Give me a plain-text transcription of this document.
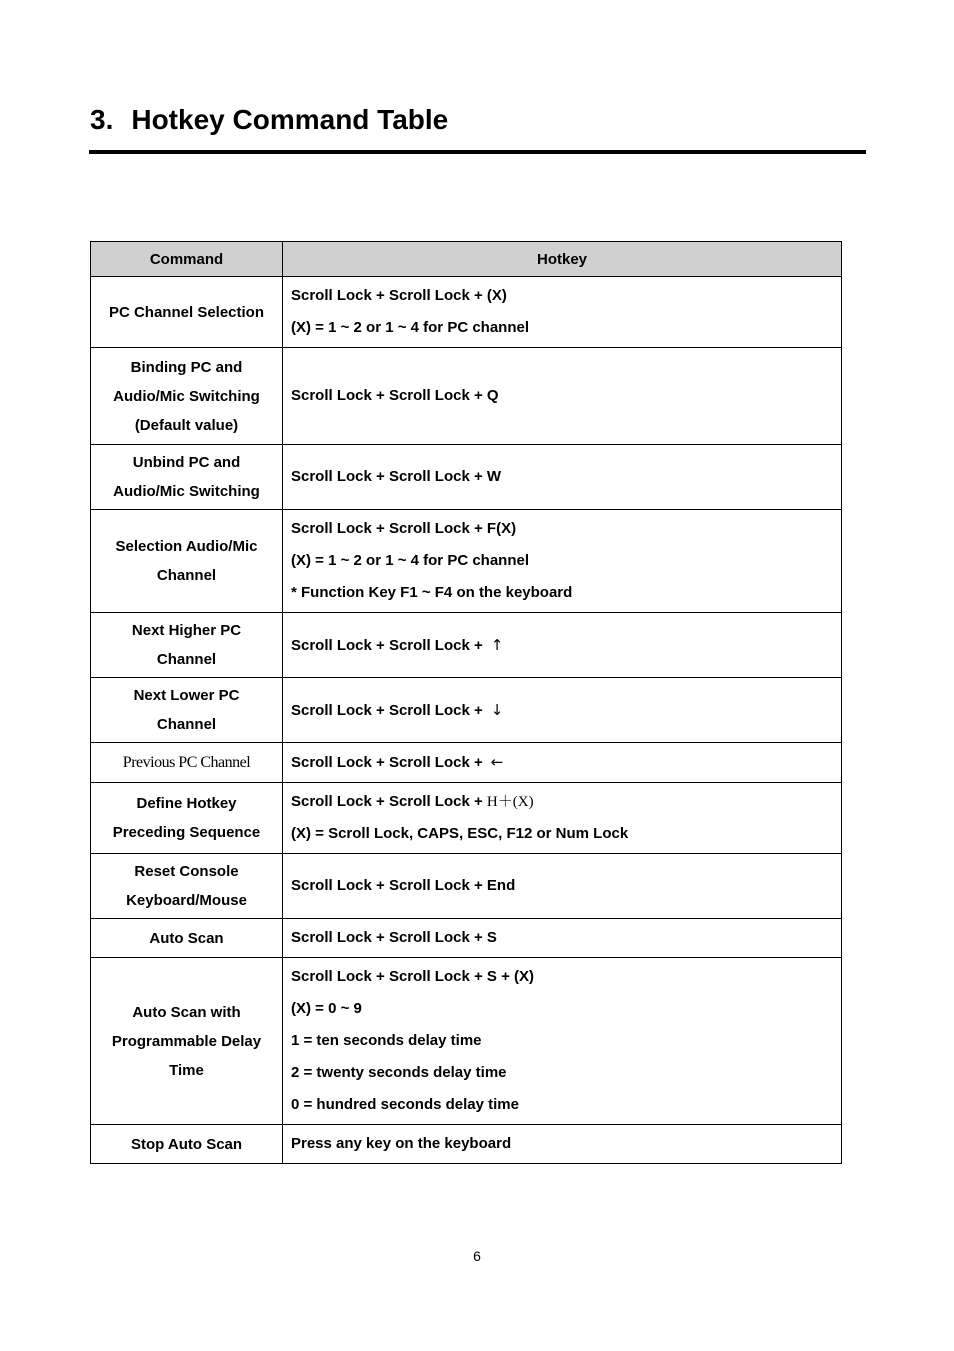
3. Hotkey Command Table
Command	Hotkey

PC Channel Selection	Scroll Lock + Scroll Lock + (X)
(X) = 1 ~ 2 or 1 ~ 4 for PC channel

Binding PC and
Audio/Mic Switching
(Default value)	Scroll Lock + Scroll Lock + Q

Unbind PC and
Audio/Mic Switching	Scroll Lock + Scroll Lock + W

Selection Audio/Mic
Channel	Scroll Lock + Scroll Lock + F(X)
(X) = 1 ~ 2 or 1 ~ 4 for PC channel
* Function Key F1 ~ F4 on the keyboard

Next Higher PC
Channel	Scroll Lock + Scroll Lock + ↑

Next Lower PC
Channel	Scroll Lock + Scroll Lock + ↓

Previous PC Channel	Scroll Lock + Scroll Lock + ←

Define Hotkey
Preceding Sequence	Scroll Lock + Scroll Lock + H＋(X)
(X) = Scroll Lock, CAPS, ESC, F12 or Num Lock

Reset Console
Keyboard/Mouse	Scroll Lock + Scroll Lock + End

Auto Scan	Scroll Lock + Scroll Lock + S

Auto Scan with
Programmable Delay
Time	Scroll Lock + Scroll Lock + S + (X)
(X) = 0 ~ 9
1 = ten seconds delay time
2 = twenty seconds delay time
0 = hundred seconds delay time

Stop Auto Scan	Press any key on the keyboard
6
